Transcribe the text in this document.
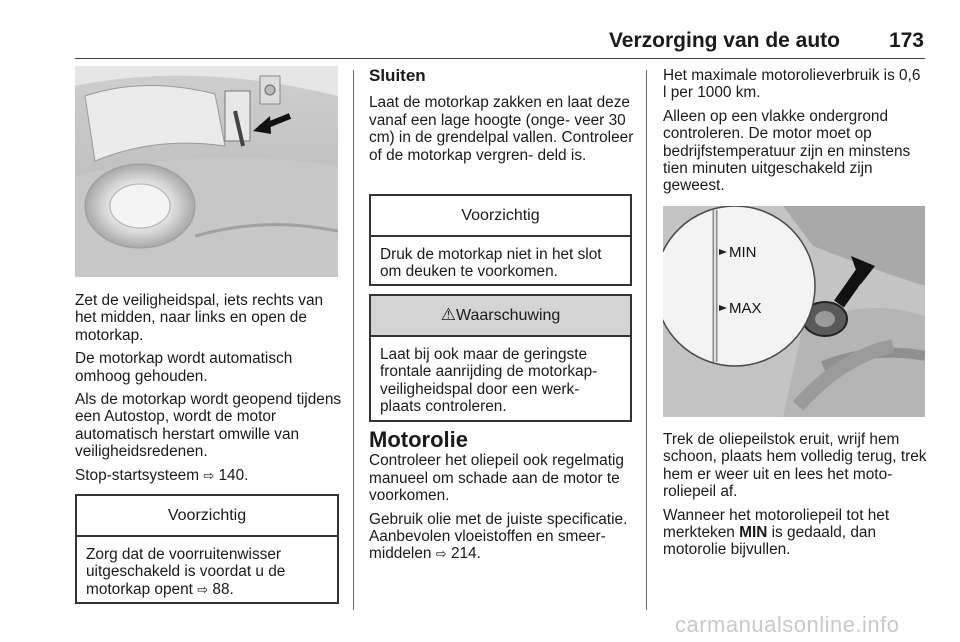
Verzorging van de auto	173

Zet de veiligheidspal, iets rechts van het midden, naar links en open de motorkap.

De motorkap wordt automatisch omhoog gehouden.

Als de motorkap wordt geopend tijdens een Autostop, wordt de motor automatisch herstart omwille van veiligheidsredenen.

Stop-startsysteem ⇨ 140.

Voorzichtig
Zorg dat de voorruitenwisser uitgeschakeld is voordat u de motorkap opent ⇨ 88.
Sluiten

Laat de motorkap zakken en laat deze vanaf een lage hoogte (onge- veer 30 cm) in de grendelpal vallen. Controleer of de motorkap vergren- deld is.

Voorzichtig
Druk de motorkap niet in het slot om deuken te voorkomen.
⚠Waarschuwing
Laat bij ook maar de geringste frontale aanrijding de motorkap- veiligheidspal door een werk- plaats controleren.
Motorolie

Controleer het oliepeil ook regelmatig manueel om schade aan de motor te voorkomen.

Gebruik olie met de juiste specificatie. Aanbevolen vloeistoffen en smeer- middelen ⇨ 214.

Het maximale motorolieverbruik is 0,6 l per 1000 km.

Alleen op een vlakke ondergrond controleren. De motor moet op bedrijfstemperatuur zijn en minstens tien minuten uitgeschakeld zijn geweest.

MIN
MAX

Trek de oliepeilstok eruit, wrijf hem schoon, plaats hem volledig terug, trek hem er weer uit en lees het moto- roliepeil af.

Wanneer het motoroliepeil tot het merkteken MIN is gedaald, dan motorolie bijvullen.

carmanualsonline.info
